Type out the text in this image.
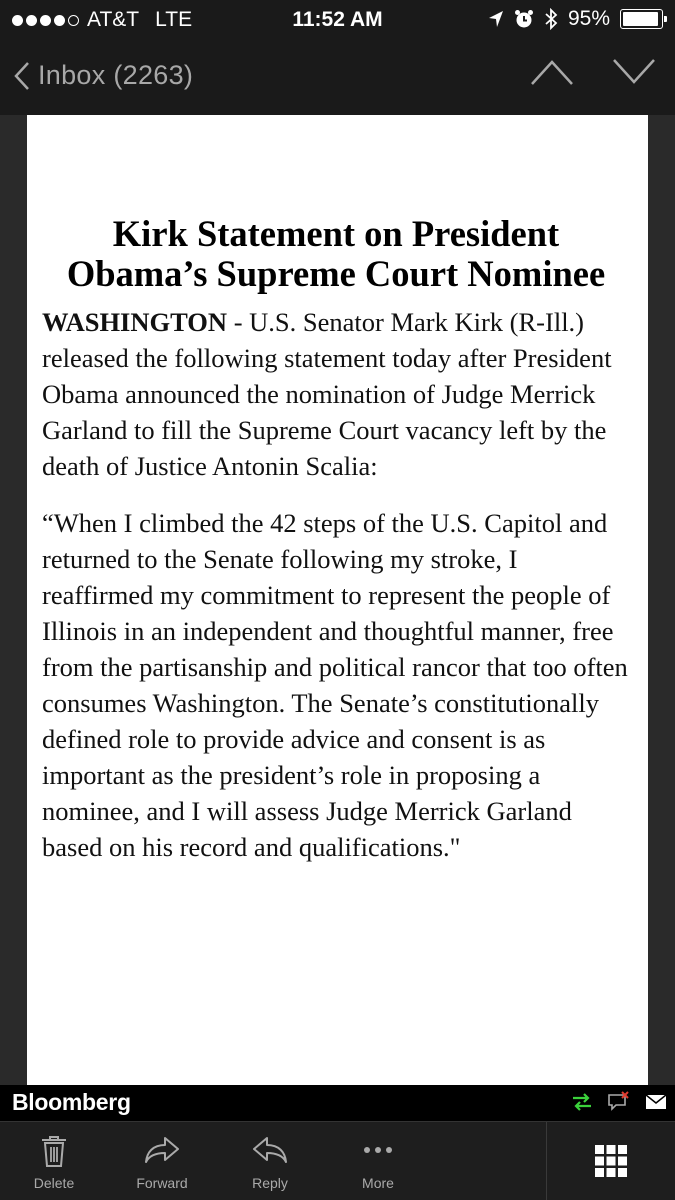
AT&T LTE	11:52 AM	95%
Inbox (2263)
Kirk Statement on President Obama’s Supreme Court Nominee

WASHINGTON - U.S. Senator Mark Kirk (R-Ill.) released the following statement today after President Obama announced the nomination of Judge Merrick Garland to fill the Supreme Court vacancy left by the death of Justice Antonin Scalia:

“When I climbed the 42 steps of the U.S. Capitol and returned to the Senate following my stroke, I reaffirmed my commitment to represent the people of Illinois in an independent and thoughtful manner, free from the partisanship and political rancor that too often consumes Washington. The Senate’s constitutionally defined role to provide advice and consent is as important as the president’s role in proposing a nominee, and I will assess Judge Merrick Garland based on his record and qualifications."

Bloomberg
Delete	Forward	Reply	More
